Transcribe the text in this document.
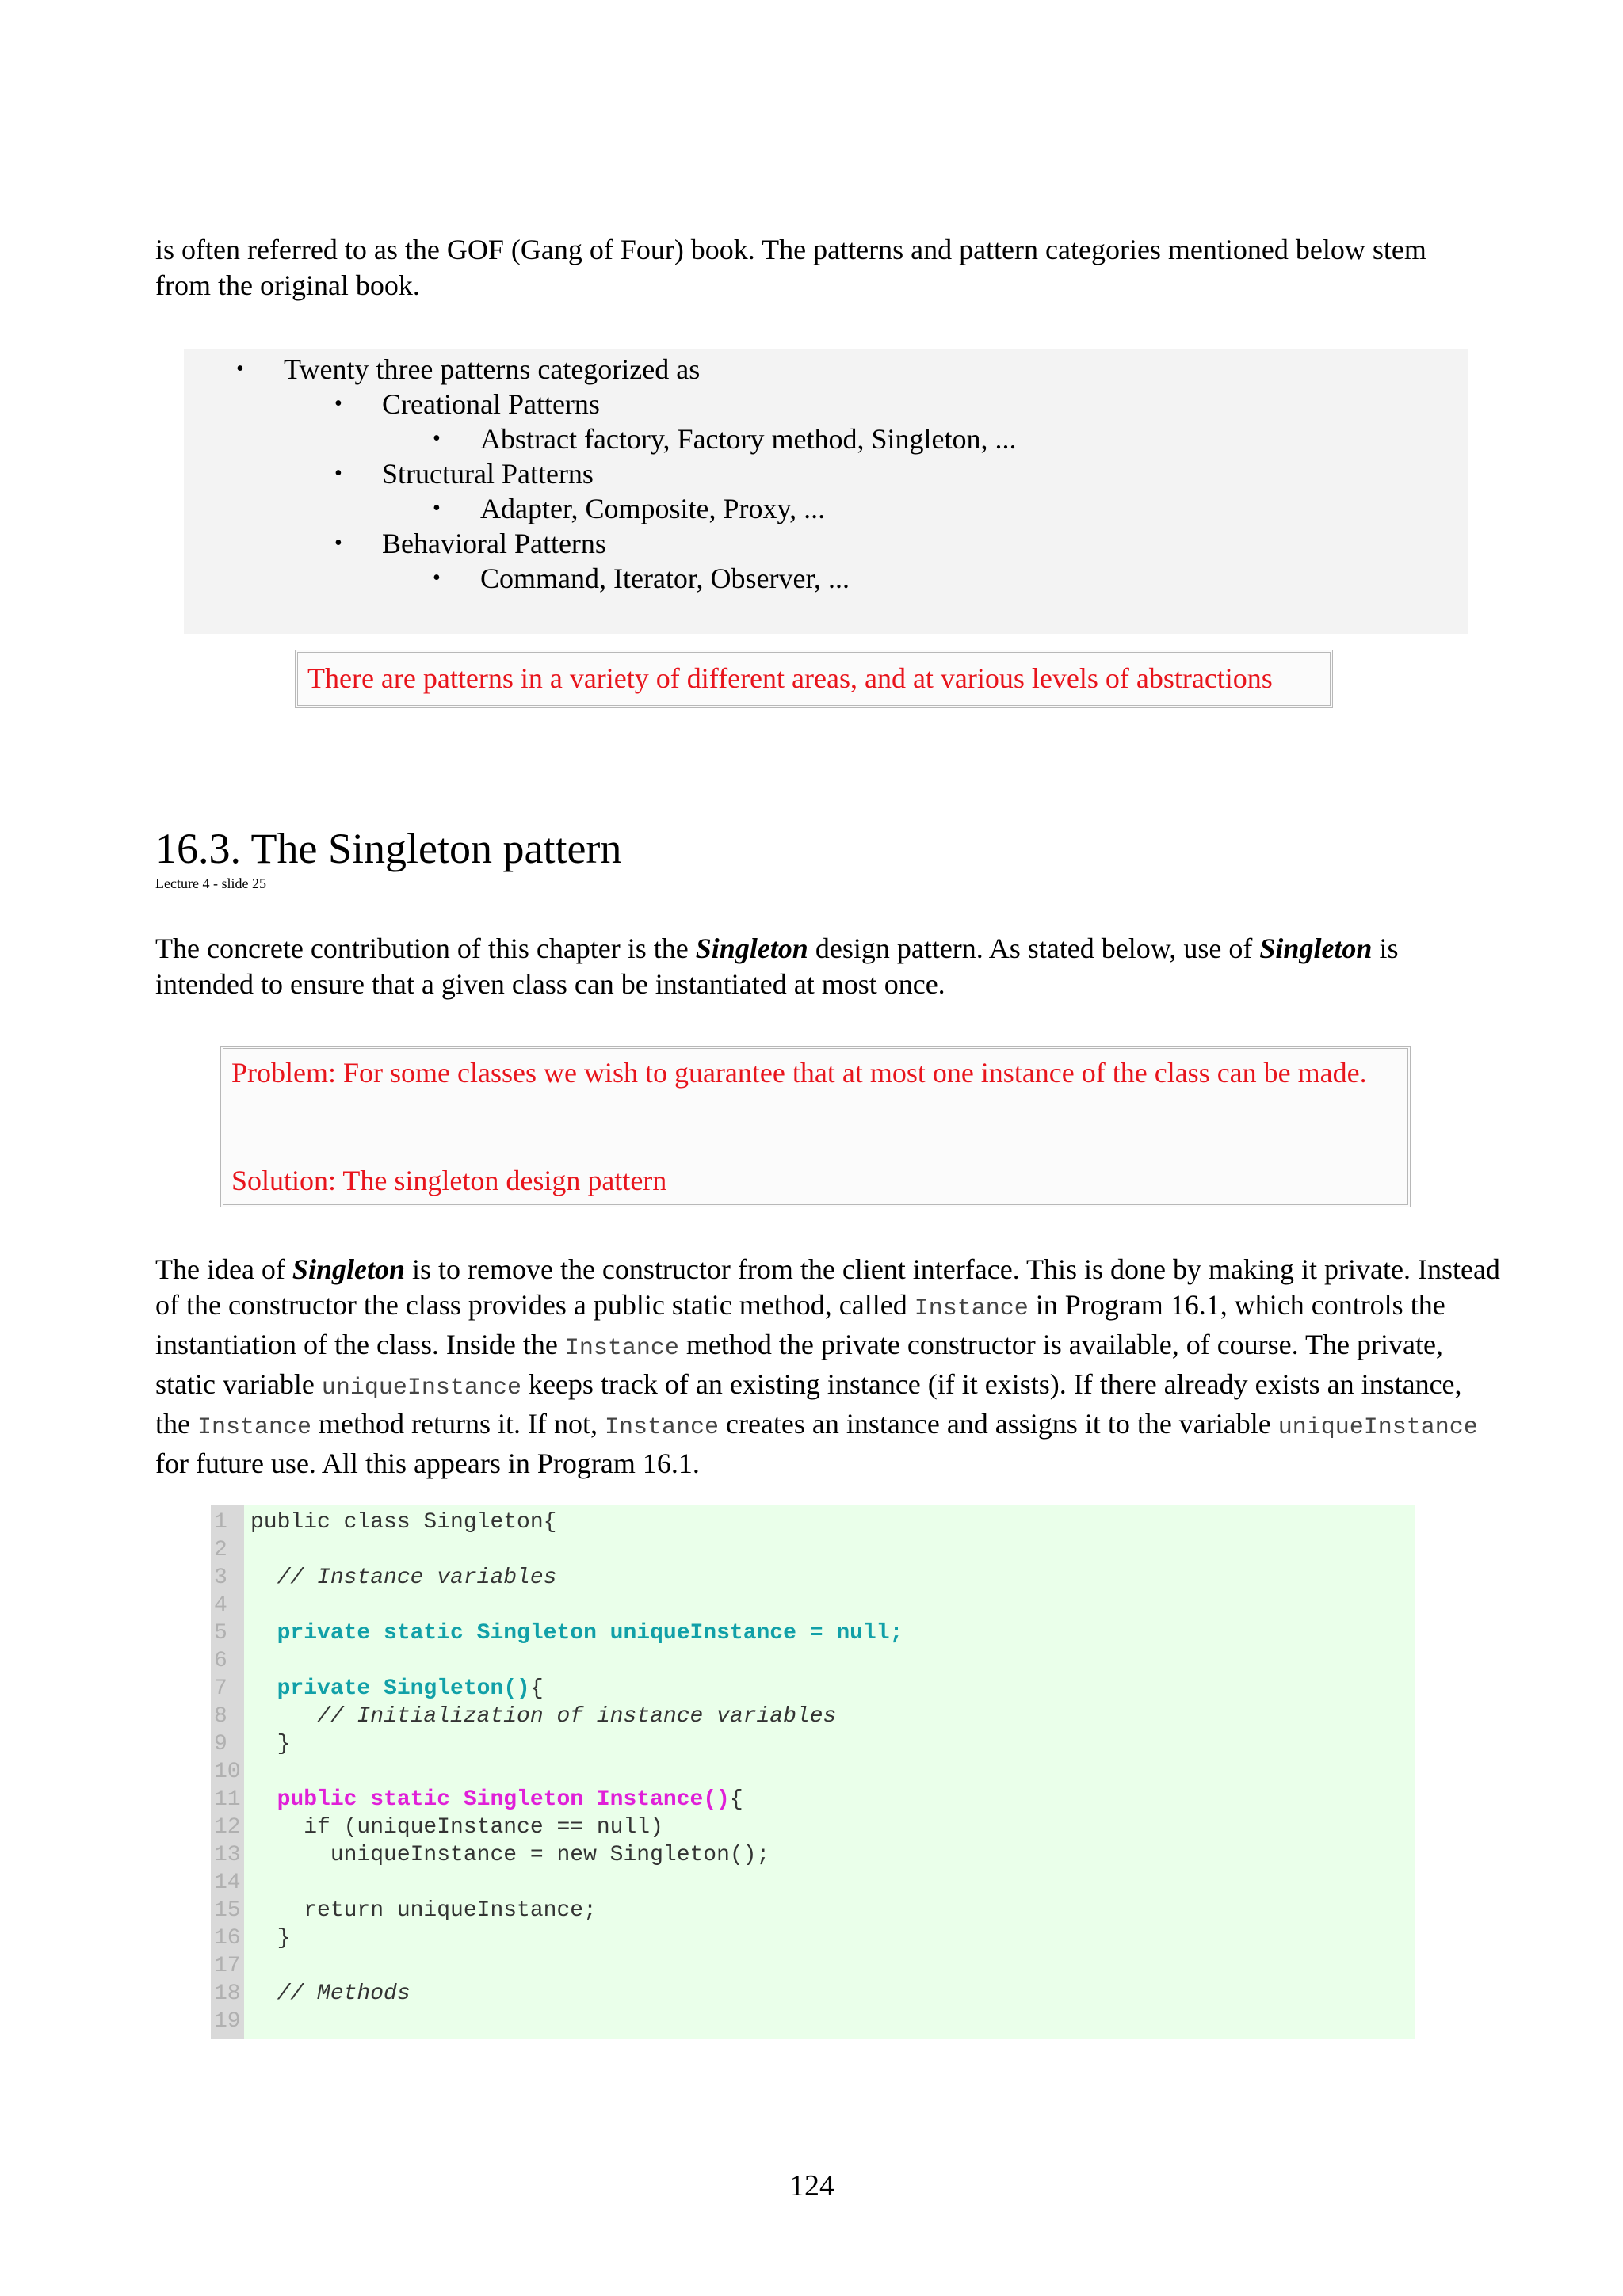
is often referred to as the GOF (Gang of Four) book. The patterns and pattern categories mentioned below stem from the original book.

• Twenty three patterns categorized as
• Creational Patterns
• Abstract factory, Factory method, Singleton, ...
• Structural Patterns
• Adapter, Composite, Proxy, ...
• Behavioral Patterns
• Command, Iterator, Observer, ...
There are patterns in a variety of different areas, and at various levels of abstractions
16.3. The Singleton pattern
Lecture 4 - slide 25

The concrete contribution of this chapter is the Singleton design pattern. As stated below, use of Singleton is intended to ensure that a given class can be instantiated at most once.

Problem: For some classes we wish to guarantee that at most one instance of the class can be made.
Solution: The singleton design pattern

The idea of Singleton is to remove the constructor from the client interface. This is done by making it private. Instead of the constructor the class provides a public static method, called Instance in Program 16.1, which controls the instantiation of the class. Inside the Instance method the private constructor is available, of course. The private, static variable uniqueInstance keeps track of an existing instance (if it exists). If there already exists an instance, the Instance method returns it. If not, Instance creates an instance and assigns it to the variable uniqueInstance for future use. All this appears in Program 16.1.

1
2
3
4
5
6
7
8
9
10
11
12
13
14
15
16
17
18
19
public class Singleton{
// Instance variables
private static Singleton uniqueInstance = null;
private Singleton(){
// Initialization of instance variables
}
public static Singleton Instance(){
if (uniqueInstance == null)
uniqueInstance = new Singleton();
return uniqueInstance;
}
// Methods
124
